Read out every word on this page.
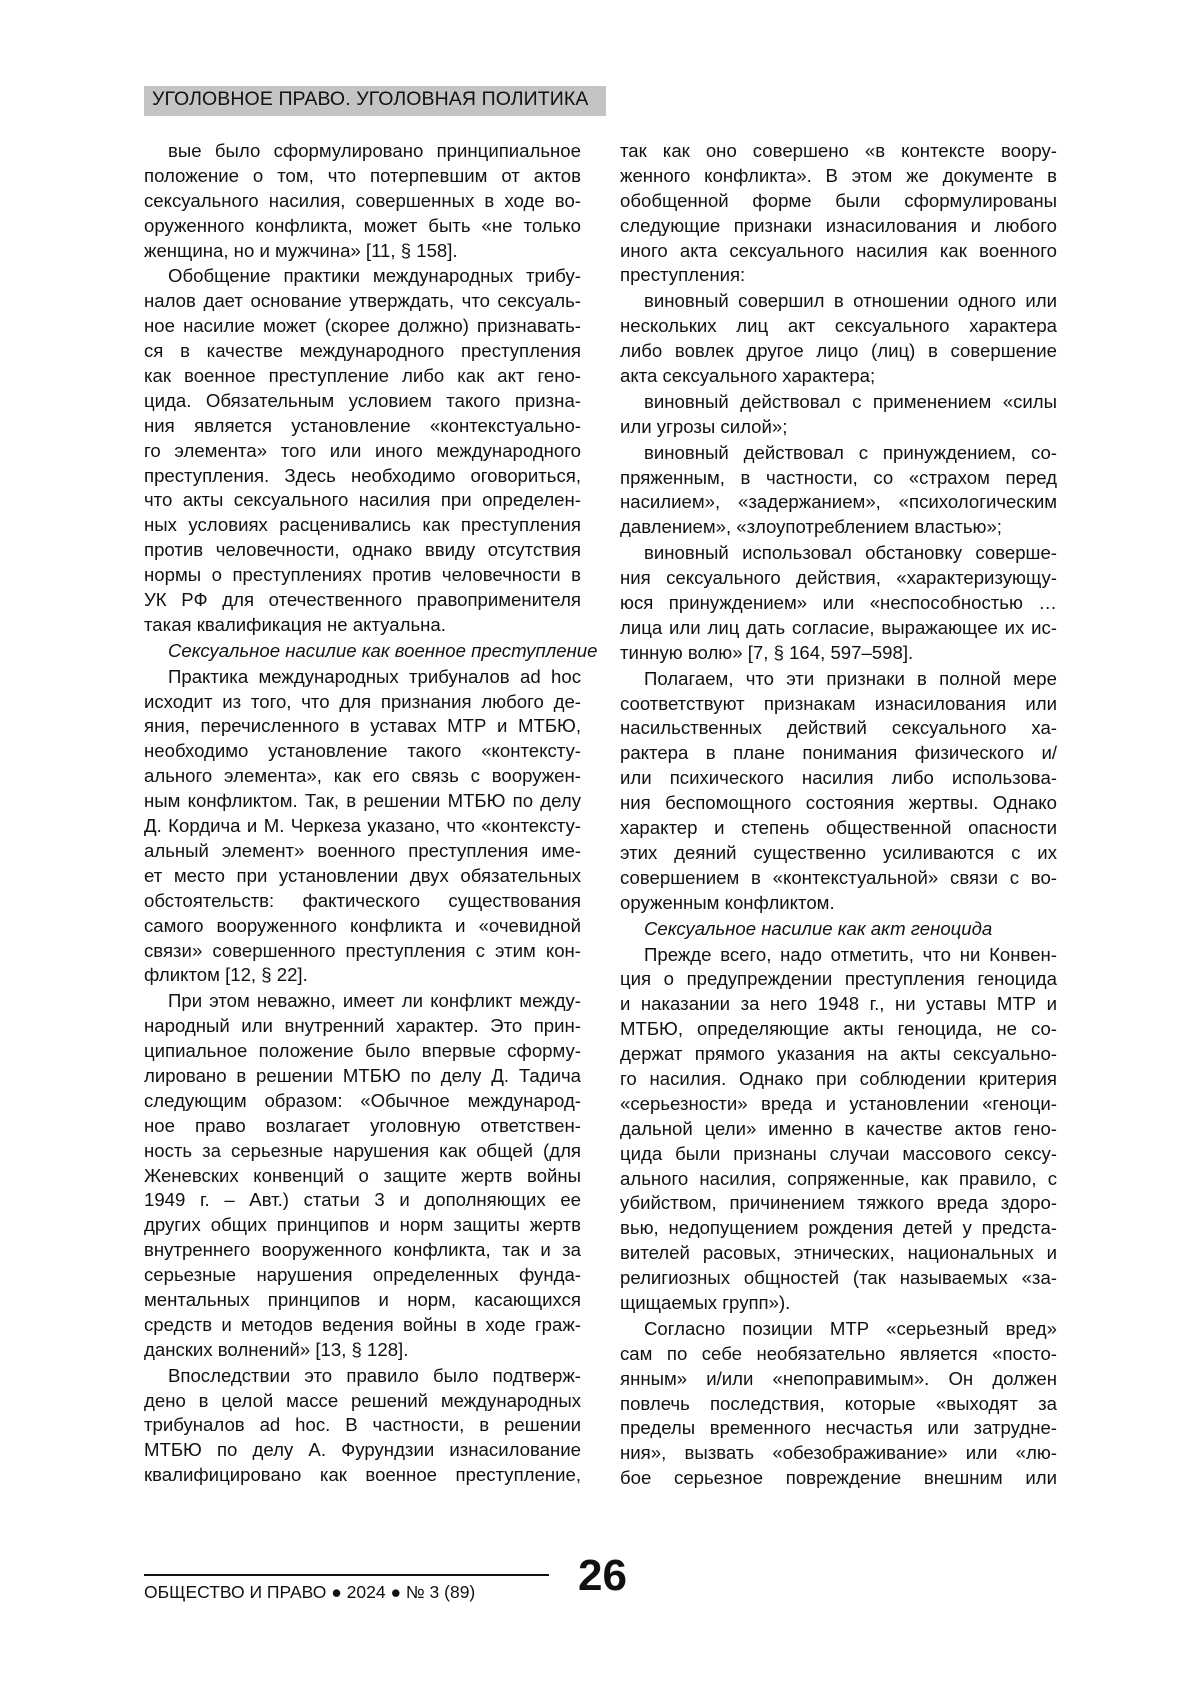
УГОЛОВНОЕ ПРАВО. УГОЛОВНАЯ ПОЛИТИКА

вые было сформулировано принципиальное
положение о том, что потерпевшим от актов
сексуального насилия, совершенных в ходе во-
оруженного конфликта, может быть «не только
женщина, но и мужчина» [11, § 158].

Обобщение практики международных трибу-
налов дает основание утверждать, что сексуаль-
ное насилие может (скорее должно) признавать-
ся в качестве международного преступления
как военное преступление либо как акт гено-
цида. Обязательным условием такого призна-
ния является установление «контекстуально-
го элемента» того или иного международного
преступления. Здесь необходимо оговориться,
что акты сексуального насилия при определен-
ных условиях расценивались как преступления
против человечности, однако ввиду отсутствия
нормы о преступлениях против человечности в
УК РФ для отечественного правоприменителя
такая квалификация не актуальна.

Сексуальное насилие как военное преступление

Практика международных трибуналов ad hoc
исходит из того, что для признания любого де-
яния, перечисленного в уставах МТР и МТБЮ,
необходимо установление такого «контексту-
ального элемента», как его связь с вооружен-
ным конфликтом. Так, в решении МТБЮ по делу
Д. Кордича и М. Черкеза указано, что «контексту-
альный элемент» военного преступления име-
ет место при установлении двух обязательных
обстоятельств: фактического существования
самого вооруженного конфликта и «очевидной
связи» совершенного преступления с этим кон-
фликтом [12, § 22].

При этом неважно, имеет ли конфликт между-
народный или внутренний характер. Это прин-
ципиальное положение было впервые сформу-
лировано в решении МТБЮ по делу Д. Тадича
следующим образом: «Обычное международ-
ное право возлагает уголовную ответствен-
ность за серьезные нарушения как общей (для
Женевских конвенций о защите жертв войны
1949 г. – Авт.) статьи 3 и дополняющих ее
других общих принципов и норм защиты жертв
внутреннего вооруженного конфликта, так и за
серьезные нарушения определенных фунда-
ментальных принципов и норм, касающихся
средств и методов ведения войны в ходе граж-
данских волнений» [13, § 128].

Впоследствии это правило было подтверж-
дено в целой массе решений международных
трибуналов ad hoc. В частности, в решении
МТБЮ по делу А. Фурундзии изнасилование
квалифицировано как военное преступление,

так как оно совершено «в контексте воору-
женного конфликта». В этом же документе в
обобщенной форме были сформулированы
следующие признаки изнасилования и любого
иного акта сексуального насилия как военного
преступления:

виновный совершил в отношении одного или
нескольких лиц акт сексуального характера
либо вовлек другое лицо (лиц) в совершение
акта сексуального характера;

виновный действовал с применением «силы
или угрозы силой»;

виновный действовал с принуждением, со-
пряженным, в частности, со «страхом перед
насилием», «задержанием», «психологическим
давлением», «злоупотреблением властью»;

виновный использовал обстановку соверше-
ния сексуального действия, «характеризующу-
юся принуждением» или «неспособностью …
лица или лиц дать согласие, выражающее их ис-
тинную волю» [7, § 164, 597–598].

Полагаем, что эти признаки в полной мере
соответствуют признакам изнасилования или
насильственных действий сексуального ха-
рактера в плане понимания физического и/
или психического насилия либо использова-
ния беспомощного состояния жертвы. Однако
характер и степень общественной опасности
этих деяний существенно усиливаются с их
совершением в «контекстуальной» связи с во-
оруженным конфликтом.

Сексуальное насилие как акт геноцида

Прежде всего, надо отметить, что ни Конвен-
ция о предупреждении преступления геноцида
и наказании за него 1948 г., ни уставы МТР и
МТБЮ, определяющие акты геноцида, не со-
держат прямого указания на акты сексуально-
го насилия. Однако при соблюдении критерия
«серьезности» вреда и установлении «геноци-
дальной цели» именно в качестве актов гено-
цида были признаны случаи массового сексу-
ального насилия, сопряженные, как правило, с
убийством, причинением тяжкого вреда здоро-
вью, недопущением рождения детей у предста-
вителей расовых, этнических, национальных и
религиозных общностей (так называемых «за-
щищаемых групп»).

Согласно позиции МТР «серьезный вред»
сам по себе необязательно является «посто-
янным» и/или «непоправимым». Он должен
повлечь последствия, которые «выходят за
пределы временного несчастья или затрудне-
ния», вызвать «обезображивание» или «лю-
бое серьезное повреждение внешним или

26
ОБЩЕСТВО И ПРАВО ● 2024 ● № 3 (89)
